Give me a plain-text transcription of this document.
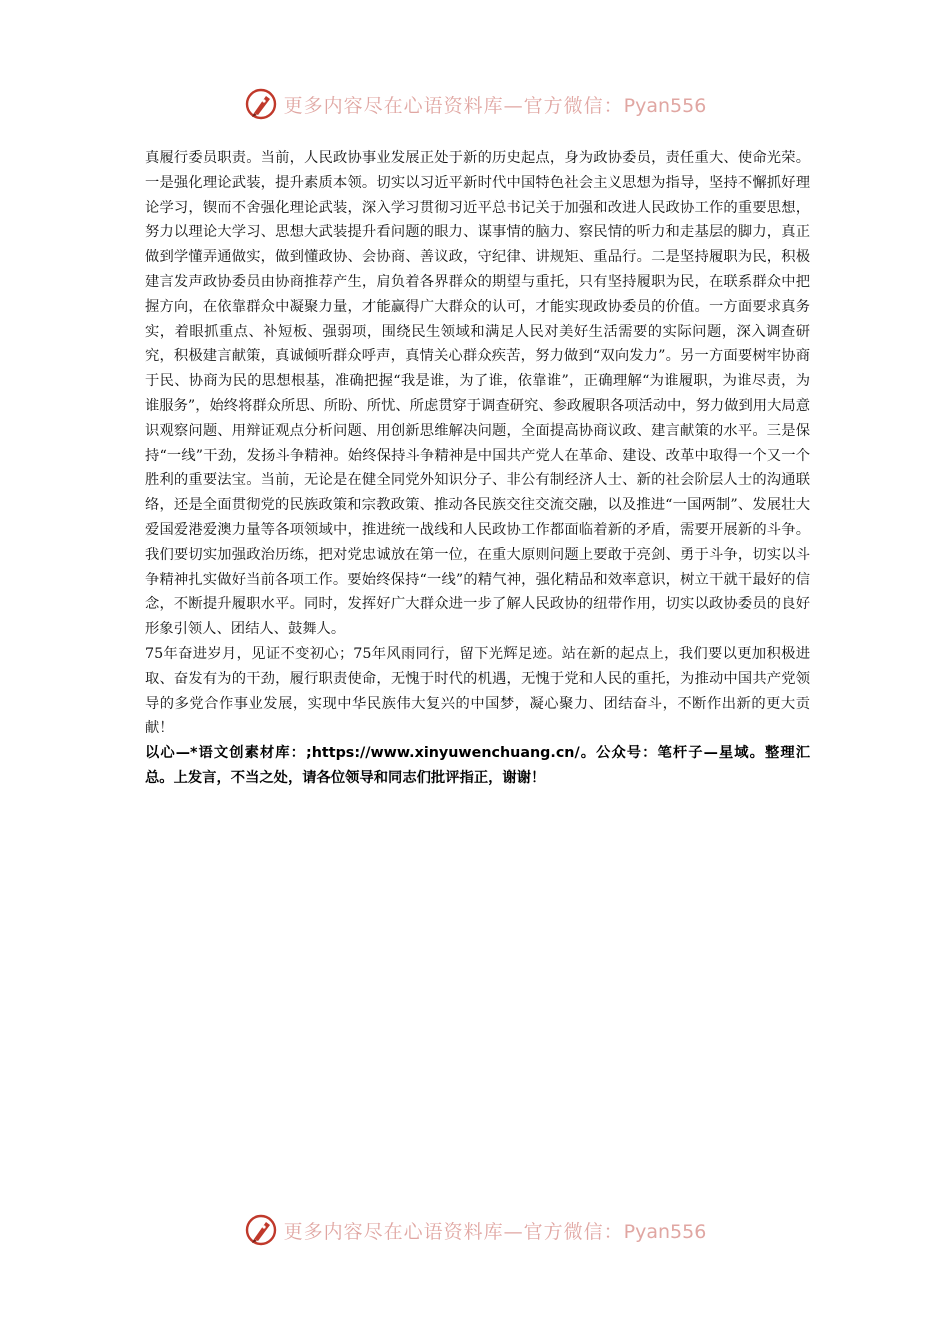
更多内容尽在心语资料库—官方微信：Pyan556

真履行委员职责。当前，人民政协事业发展正处于新的历史起点，身为政协委员，责任重大、使命光荣。一是强化理论武装，提升素质本领。切实以习近平新时代中国特色社会主义思想为指导，坚持不懈抓好理论学习，锲而不舍强化理论武装，深入学习贯彻习近平总书记关于加强和改进人民政协工作的重要思想，努力以理论大学习、思想大武装提升看问题的眼力、谋事情的脑力、察民情的听力和走基层的脚力，真正做到学懂弄通做实，做到懂政协、会协商、善议政，守纪律、讲规矩、重品行。二是坚持履职为民，积极建言发声政协委员由协商推荐产生，肩负着各界群众的期望与重托，只有坚持履职为民，在联系群众中把握方向，在依靠群众中凝聚力量，才能赢得广大群众的认可，才能实现政协委员的价值。一方面要求真务实，着眼抓重点、补短板、强弱项，围绕民生领域和满足人民对美好生活需要的实际问题，深入调查研究，积极建言献策，真诚倾听群众呼声，真情关心群众疾苦，努力做到“双向发力”。另一方面要树牢协商于民、协商为民的思想根基，准确把握“我是谁，为了谁，依靠谁”，正确理解“为谁履职，为谁尽责，为谁服务”，始终将群众所思、所盼、所忧、所虑贯穿于调查研究、参政履职各项活动中，努力做到用大局意识观察问题、用辩证观点分析问题、用创新思维解决问题，全面提高协商议政、建言献策的水平。三是保持“一线”干劲，发扬斗争精神。始终保持斗争精神是中国共产党人在革命、建设、改革中取得一个又一个胜利的重要法宝。当前，无论是在健全同党外知识分子、非公有制经济人士、新的社会阶层人士的沟通联络，还是全面贯彻党的民族政策和宗教政策、推动各民族交往交流交融，以及推进“一国两制”、发展壮大爱国爱港爱澳力量等各项领域中，推进统一战线和人民政协工作都面临着新的矛盾，需要开展新的斗争。我们要切实加强政治历练，把对党忠诚放在第一位，在重大原则问题上要敢于亮剑、勇于斗争，切实以斗争精神扎实做好当前各项工作。要始终保持“一线”的精气神，强化精品和效率意识，树立干就干最好的信念，不断提升履职水平。同时，发挥好广大群众进一步了解人民政协的纽带作用，切实以政协委员的良好形象引领人、团结人、鼓舞人。

75年奋进岁月，见证不变初心；75年风雨同行，留下光辉足迹。站在新的起点上，我们要以更加积极进取、奋发有为的干劲，履行职责使命，无愧于时代的机遇，无愧于党和人民的重托，为推动中国共产党领导的多党合作事业发展，实现中华民族伟大复兴的中国梦，凝心聚力、团结奋斗，不断作出新的更大贡献！

以心—*语文创素材库：;https://www.xinyuwenchuang.cn/。公众号：笔杆子—星域。整理汇总。上发言，不当之处，请各位领导和同志们批评指正，谢谢！

更多内容尽在心语资料库—官方微信：Pyan556
